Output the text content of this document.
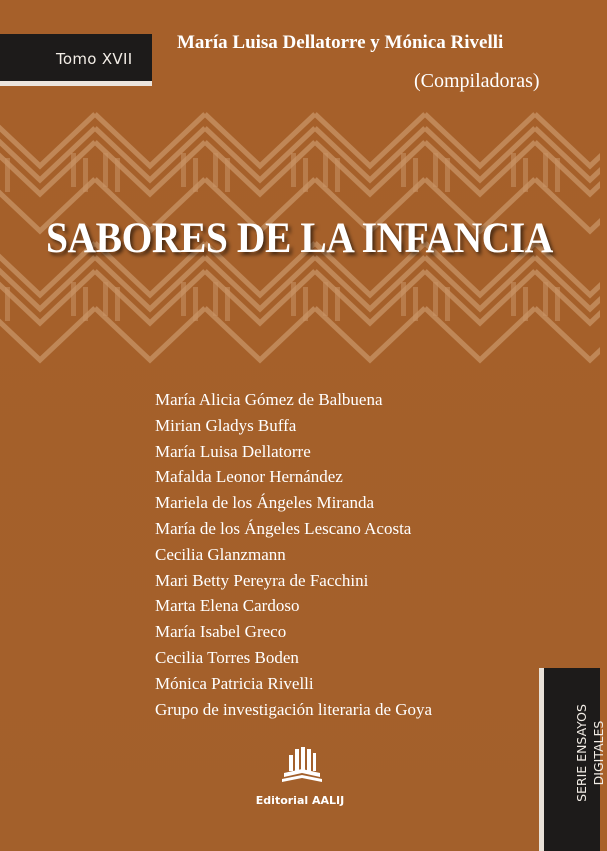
Tomo XVII
María Luisa Dellatorre y Mónica Rivelli
(Compiladoras)
SABORES DE LA INFANCIA
María Alicia Gómez de Balbuena
Mirian Gladys Buffa
María Luisa Dellatorre
Mafalda Leonor Hernández
Mariela de los Ángeles Miranda
María de los Ángeles Lescano Acosta
Cecilia Glanzmann
Mari Betty Pereyra de Facchini
Marta Elena Cardoso
María Isabel Greco
Cecilia Torres Boden
Mónica Patricia Rivelli
Grupo de investigación literaria de Goya	SERIE ENSAYOS DIGITALES
Editorial AALIJ
